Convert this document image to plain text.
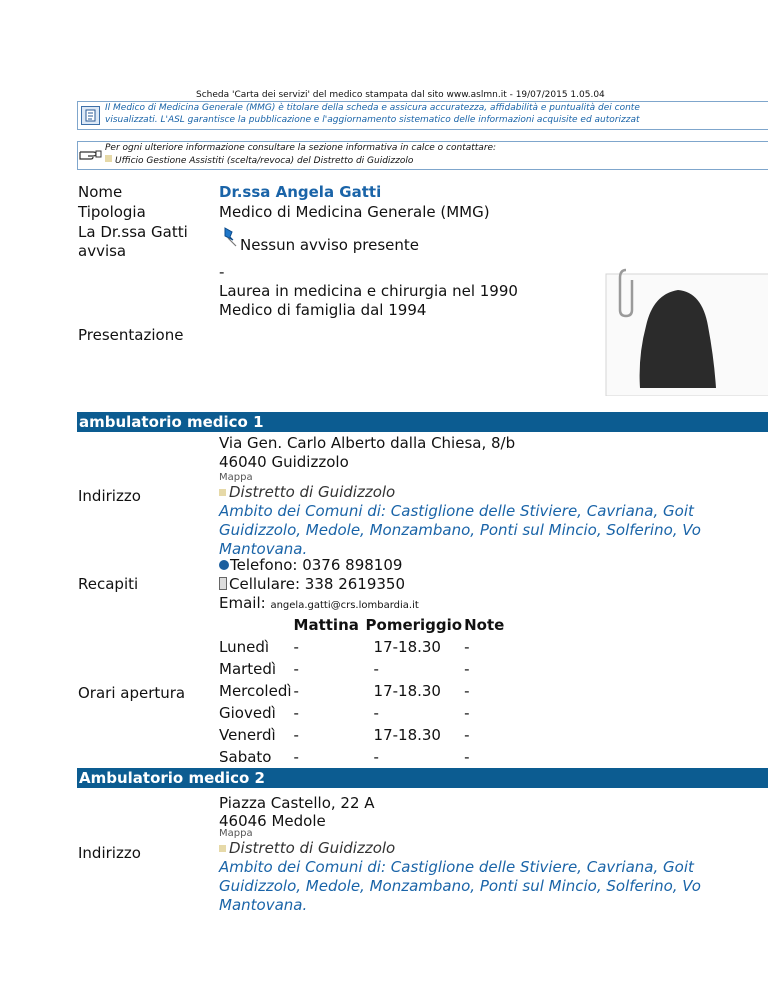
Scheda 'Carta dei servizi' del medico stampata dal sito www.aslmn.it - 19/07/2015 1.05.04
Il Medico di Medicina Generale (MMG) è titolare della scheda e assicura accuratezza, affidabilità e puntualità dei conte
visualizzati. L'ASL garantisce la pubblicazione e l'aggiornamento sistematico delle informazioni acquisite ed autorizzat
Per ogni ulteriore informazione consultare la sezione informativa in calce o contattare:
Ufficio Gestione Assistiti (scelta/revoca) del Distretto di Guidizzolo
Nome	Dr.ssa Angela Gatti
Tipologia	Medico di Medicina Generale (MMG)
La Dr.ssa Gatti
avvisa	Nessun avviso presente
-
Laurea in medicina e chirurgia nel 1990
Medico di famiglia dal 1994
Presentazione
ambulatorio medico 1
Via Gen. Carlo Alberto dalla Chiesa, 8/b
46040 Guidizzolo
Mappa
Indirizzo	Distretto di Guidizzolo
Ambito dei Comuni di: Castiglione delle Stiviere, Cavriana, Goit
Guidizzolo, Medole, Monzambano, Ponti sul Mincio, Solferino, Vo
Mantovana.
Telefono: 0376 898109
Recapiti	Cellulare: 338 2619350
Email: angela.gatti@crs.lombardia.it
	Mattina	Pomeriggio	Note
Lunedì	-	17-18.30	-
Martedì	-	-	-
Mercoledì	-	17-18.30	-
Giovedì	-	-	-
Venerdì	-	17-18.30	-
Sabato	-	-	-
Orari apertura
Ambulatorio medico 2
Piazza Castello, 22 A
46046 Medole
Mappa
Indirizzo	Distretto di Guidizzolo
Ambito dei Comuni di: Castiglione delle Stiviere, Cavriana, Goit
Guidizzolo, Medole, Monzambano, Ponti sul Mincio, Solferino, Vo
Mantovana.
